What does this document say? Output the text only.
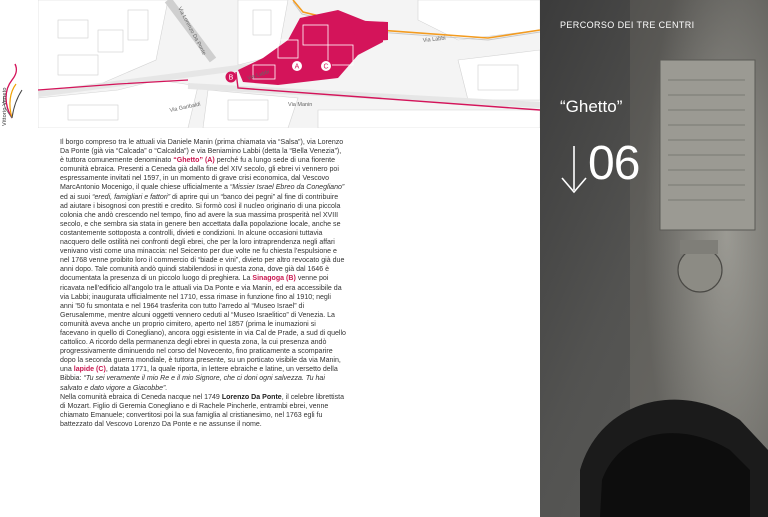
Vittorio Veneto
A
B
C
Via Lorenzo Da Ponte
Via Labbi
Via Manin
Via Garibaldi
Via Labbi

Il borgo compreso tra le attuali via Daniele Manin (prima chiamata via “Salsa”), via Lorenzo Da Ponte (già via “Calcada” o “Calcalda”) e via Beniamino Labbi (detta la “Bella Venezia”), è tuttora comunemente denominato “Ghetto” (A) perché fu a lungo sede di una fiorente comunità ebraica. Presenti a Ceneda già dalla fine del XIV secolo, gli ebrei vi vennero poi espressamente invitati nel 1597, in un momento di grave crisi economica, dal Vescovo MarcAntonio Mocenigo, il quale chiese ufficialmente a “Missier Israel Ebreo da Conegliano” ed ai suoi “eredi, famigliari e fattori” di aprire qui un “banco dei pegni” al fine di contribuire ad aiutare i bisognosi con prestiti e credito. Si formò così il nucleo originario di una piccola colonia che andò crescendo nel tempo, fino ad avere la sua massima prosperità nel XVIII secolo, e che sembra sia stata in genere ben accettata dalla popolazione locale, anche se costantemente sottoposta a controlli, divieti e condizioni. In alcune occasioni tuttavia nacquero delle ostilità nei confronti degli ebrei, che per la loro intraprendenza negli affari venivano visti come una minaccia: nel Seicento per due volte ne fu chiesta l’espulsione e nel 1768 venne proibito loro il commercio di “biade e vini”, divieto per altro revocato già due anni dopo. Tale comunità andò quindi stabilendosi in questa zona, dove già dal 1646 è documentata la presenza di un piccolo luogo di preghiera. La Sinagoga (B) venne poi ricavata nell’edificio all’angolo tra le attuali via Da Ponte e via Manin, ed era accessibile da via Labbi; inaugurata ufficialmente nel 1710, essa rimase in funzione fino al 1910; negli anni ’50 fu smontata e nel 1964 trasferita con tutto l’arredo al “Museo Israel” di Gerusalemme, mentre alcuni oggetti vennero ceduti al “Museo Israelitico” di Venezia. La comunità aveva anche un proprio cimitero, aperto nel 1857 (prima le inumazioni si facevano in quello di Conegliano), ancora oggi esistente in via Cal de Prade, a sud di quello cattolico. A ricordo della permanenza degli ebrei in questa zona, la cui presenza andò progressivamente diminuendo nel corso del Novecento, fino praticamente a scomparire dopo la seconda guerra mondiale, è tuttora presente, su un porticato visibile da via Manin, una lapide (C), datata 1771, la quale riporta, in lettere ebraiche e latine, un versetto della Bibbia: “Tu sei veramente il mio Re e il mio Signore, che ci doni ogni salvezza. Tu hai salvato e dato vigore a Giacobbe”.

Nella comunità ebraica di Ceneda nacque nel 1749 Lorenzo Da Ponte, il celebre librettista di Mozart. Figlio di Geremia Conegliano e di Rachele Pincherle, entrambi ebrei, venne chiamato Emanuele; convertitosi poi la sua famiglia al cristianesimo, nel 1763 egli fu battezzato dal Vescovo Lorenzo Da Ponte e ne assunse il nome.

PERCORSO DEI TRE CENTRI
“Ghetto”
06
